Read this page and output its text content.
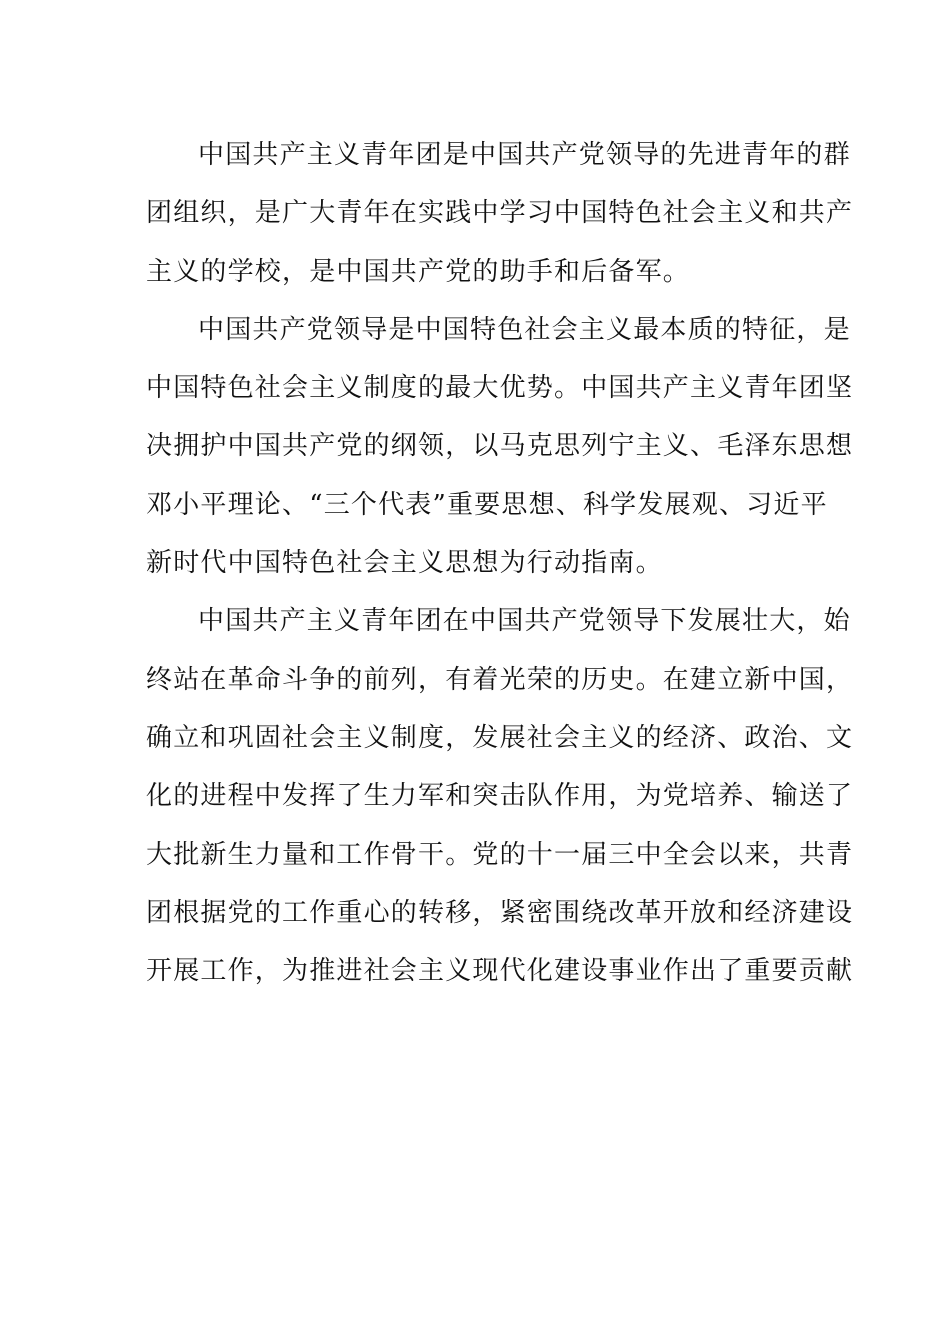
中国共产主义青年团是中国共产党领导的先进青年的群
团组织，是广大青年在实践中学习中国特色社会主义和共产
主义的学校，是中国共产党的助手和后备军。
中国共产党领导是中国特色社会主义最本质的特征，是
中国特色社会主义制度的最大优势。中国共产主义青年团坚
决拥护中国共产党的纲领，以马克思列宁主义、毛泽东思想
邓小平理论、“三个代表”重要思想、科学发展观、习近平
新时代中国特色社会主义思想为行动指南。
中国共产主义青年团在中国共产党领导下发展壮大，始
终站在革命斗争的前列，有着光荣的历史。在建立新中国，
确立和巩固社会主义制度，发展社会主义的经济、政治、文
化的进程中发挥了生力军和突击队作用，为党培养、输送了
大批新生力量和工作骨干。党的十一届三中全会以来，共青
团根据党的工作重心的转移，紧密围绕改革开放和经济建设
开展工作，为推进社会主义现代化建设事业作出了重要贡献
